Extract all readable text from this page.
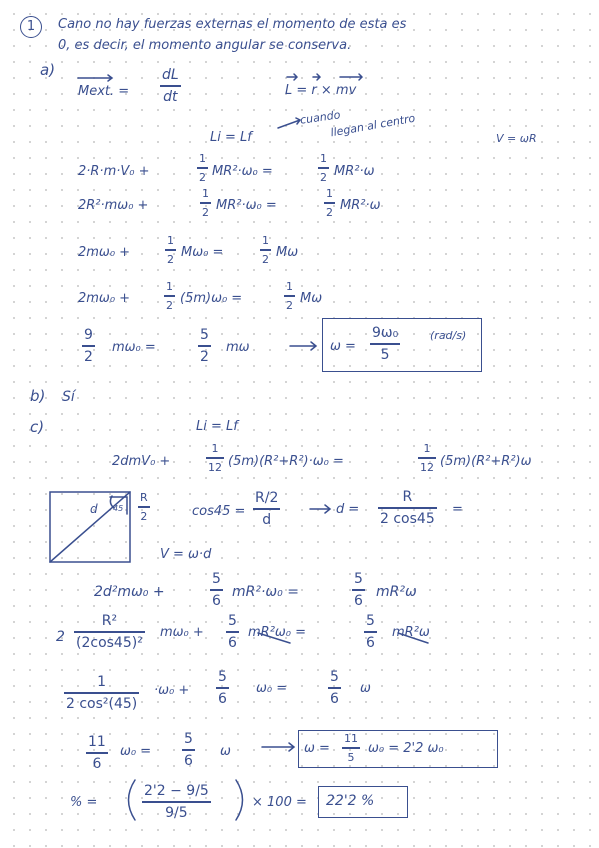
1	Cano no hay fuerzas externas el momento de esta es
0, es decir, el momento angular se conserva.
a)
Mext. =
dL
dt	L = r × mv
Li = Lf
cuando
llegan al centro	V = ωR
2·R·m·V₀ +
1
2 MR²·ω₀ =
1
2 MR²·ω
2R²·mω₀ +
1
2 MR²·ω₀ =
1
2 MR²·ω
2mω₀ +
1
2 Mω₀ =
1
2 Mω
2mω₀ +
1
2 (5m)ω₀ =
1
2 Mω
9
2
mω₀ =
5
2
mω	ω =
9ω₀
5
(rad/s)
b) Sí
c)	Li = Lf
2dmV₀ +
1
12 (5m)(R²+R²)·ω₀ =
1
12 (5m)(R²+R²)ω
d 45
R
2	cos45 =
R/2
d
d =
R
2 cos45
=
V = ω·d
2d²mω₀ +
5
6
mR²·ω₀ =
5
6
mR²ω
2
R²
(2cos45)²
mω₀ +
5
6
mR²ω₀ =
5
6
mR²ω
1
2 cos²(45)
·ω₀ +
5
6
ω₀ =
5
6
ω
11
6
ω₀ =
5
6
ω	ω =
11
5
ω₀ = 2'2 ω₀
% =
2'2 − 9/5
9/5
× 100 = 22'2 %
